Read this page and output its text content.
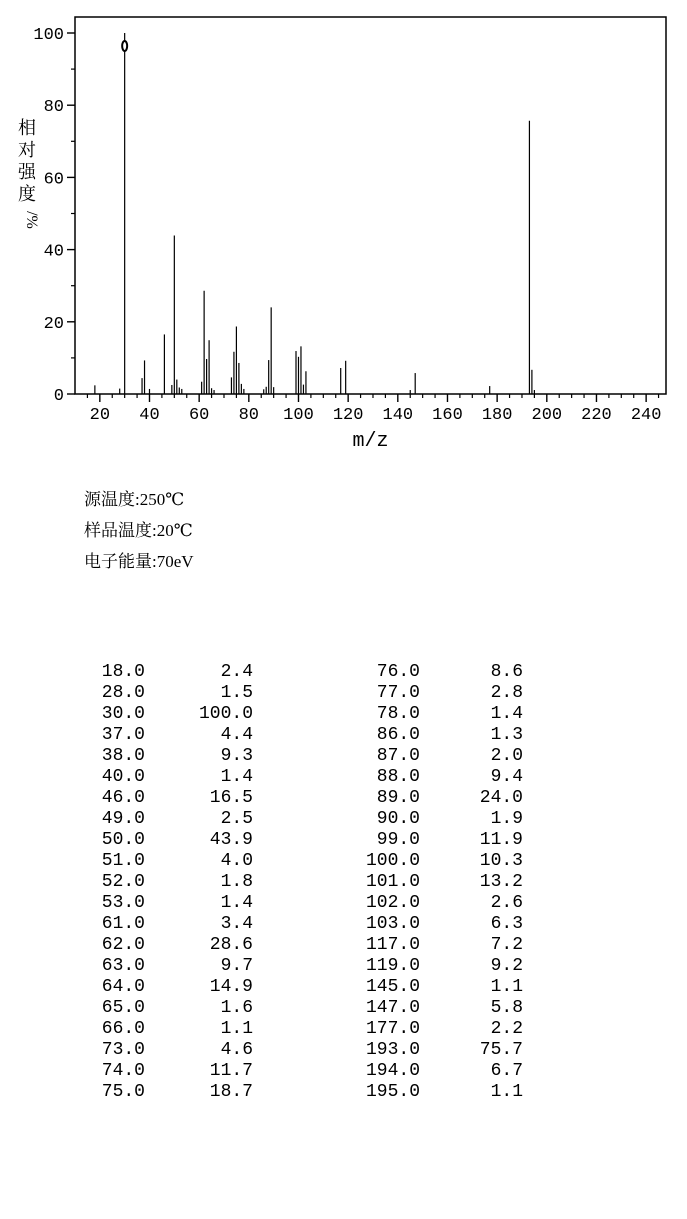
20 40 60 80 100 120 140 160 180 200 220 240
0
20
40
60
80
100
m/z
相
对
强
度
/%
源温度:250℃
样品温度:20℃
电子能量:70eV
18.0	2.4
28.0	1.5
30.0	100.0
37.0	4.4
38.0	9.3
40.0	1.4
46.0	16.5
49.0	2.5
50.0	43.9
51.0	4.0
52.0	1.8
53.0	1.4
61.0	3.4
62.0	28.6
63.0	9.7
64.0	14.9
65.0	1.6
66.0	1.1
73.0	4.6
74.0	11.7
75.0	18.7
76.0	8.6
77.0	2.8
78.0	1.4
86.0	1.3
87.0	2.0
88.0	9.4
89.0	24.0
90.0	1.9
99.0	11.9
100.0	10.3
101.0	13.2
102.0	2.6
103.0	6.3
117.0	7.2
119.0	9.2
145.0	1.1
147.0	5.8
177.0	2.2
193.0	75.7
194.0	6.7
195.0	1.1
